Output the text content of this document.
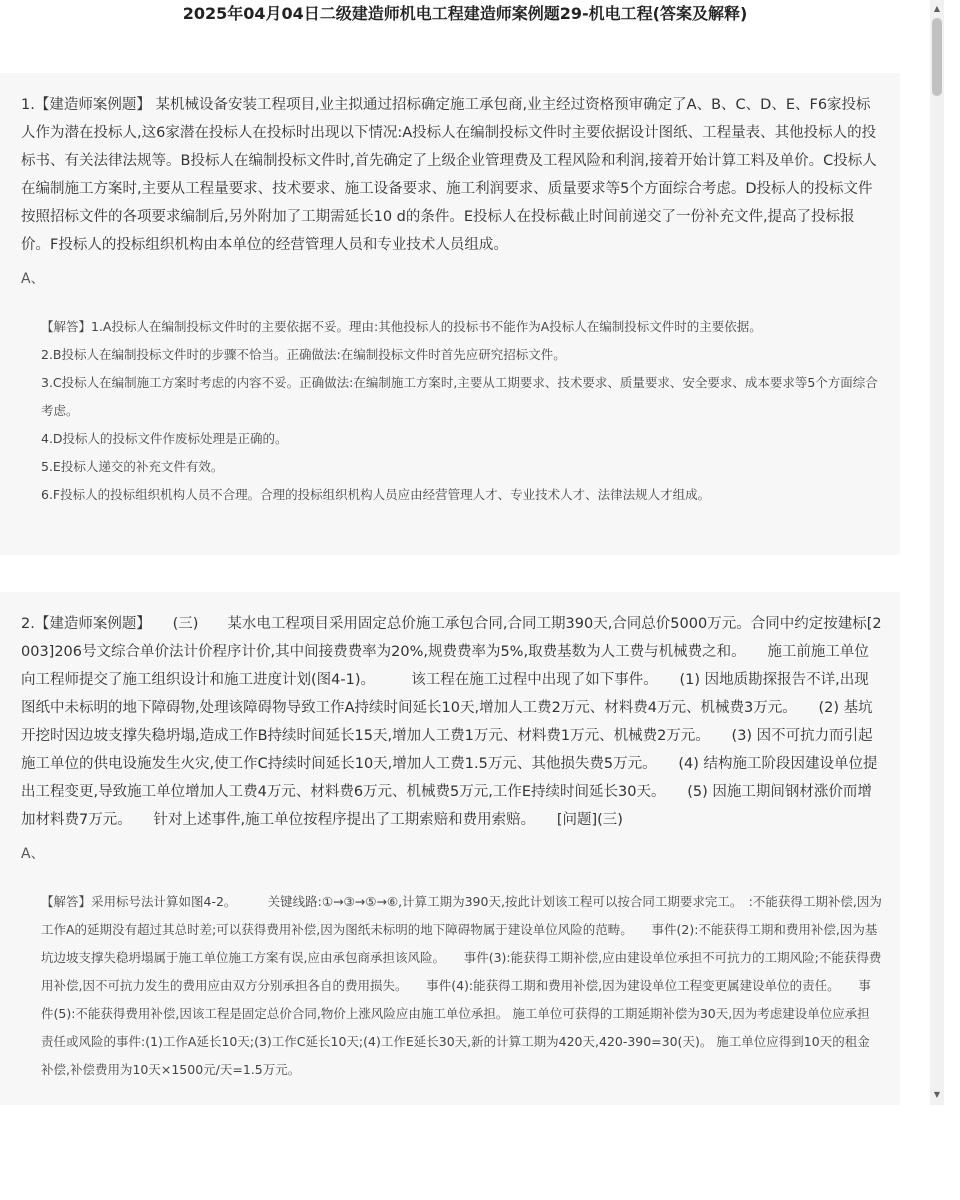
2025年04月04日二级建造师机电工程建造师案例题29-机电工程(答案及解释)

1.【建造师案例题】 某机械设备安装工程项目,业主拟通过招标确定施工承包商,业主经过资格预审确定了A、B、C、D、E、F6家投标人作为潜在投标人,这6家潜在投标人在投标时出现以下情况:A投标人在编制投标文件时主要依据设计图纸、工程量表、其他投标人的投标书、有关法律法规等。B投标人在编制投标文件时,首先确定了上级企业管理费及工程风险和利润,接着开始计算工料及单价。C投标人在编制施工方案时,主要从工程量要求、技术要求、施工设备要求、施工利润要求、质量要求等5个方面综合考虑。D投标人的投标文件按照招标文件的各项要求编制后,另外附加了工期需延长10 d的条件。E投标人在投标截止时间前递交了一份补充文件,提高了投标报价。F投标人的投标组织机构由本单位的经营管理人员和专业技术人员组成。

A、

【解答】1.A投标人在编制投标文件时的主要依据不妥。理由:其他投标人的投标书不能作为A投标人在编制投标文件时的主要依据。

2.B投标人在编制投标文件时的步骤不恰当。正确做法:在编制投标文件时首先应研究招标文件。

3.C投标人在编制施工方案时考虑的内容不妥。正确做法:在编制施工方案时,主要从工期要求、技术要求、质量要求、安全要求、成本要求等5个方面综合考虑。

4.D投标人的投标文件作废标处理是正确的。

5.E投标人递交的补充文件有效。

6.F投标人的投标组织机构人员不合理。合理的投标组织机构人员应由经营管理人才、专业技术人才、法律法规人才组成。

2.【建造师案例题】　　(三)　　某水电工程项目采用固定总价施工承包合同,合同工期390天,合同总价5000万元。合同中约定按建标[2003]206号文综合单价法计价程序计价,其中间接费费率为20%,规费费率为5%,取费基数为人工费与机械费之和。　　施工前施工单位向工程师提交了施工组织设计和施工进度计划(图4-1)。　　　该工程在施工过程中出现了如下事件。　　(1) 因地质勘探报告不详,出现图纸中未标明的地下障碍物,处理该障碍物导致工作A持续时间延长10天,增加人工费2万元、材料费4万元、机械费3万元。　　(2) 基坑开挖时因边坡支撑失稳坍塌,造成工作B持续时间延长15天,增加人工费1万元、材料费1万元、机械费2万元。　　(3) 因不可抗力而引起施工单位的供电设施发生火灾,使工作C持续时间延长10天,增加人工费1.5万元、其他损失费5万元。　　(4) 结构施工阶段因建设单位提出工程变更,导致施工单位增加人工费4万元、材料费6万元、机械费5万元,工作E持续时间延长30天。　　(5) 因施工期间钢材涨价而增加材料费7万元。　　针对上述事件,施工单位按程序提出了工期索赔和费用索赔。　　[问题](三)

A、

【解答】采用标号法计算如图4-2。　　　关键线路:①→③→⑤→⑥,计算工期为390天,按此计划该工程可以按合同工期要求完工。　:不能获得工期补偿,因为工作A的延期没有超过其总时差;可以获得费用补偿,因为图纸未标明的地下障碍物属于建设单位风险的范畴。　　事件(2):不能获得工期和费用补偿,因为基坑边坡支撑失稳坍塌属于施工单位施工方案有误,应由承包商承担该风险。　　事件(3):能获得工期补偿,应由建设单位承担不可抗力的工期风险;不能获得费用补偿,因不可抗力发生的费用应由双方分别承担各自的费用损失。　　事件(4):能获得工期和费用补偿,因为建设单位工程变更属建设单位的责任。　　事件(5):不能获得费用补偿,因该工程是固定总价合同,物价上涨风险应由施工单位承担。 施工单位可获得的工期延期补偿为30天,因为考虑建设单位应承担责任或风险的事件:(1)工作A延长10天;(3)工作C延长10天;(4)工作E延长30天,新的计算工期为420天,420-390=30(天)。 施工单位应得到10天的租金补偿,补偿费用为10天×1500元/天=1.5万元。

▲
▼
